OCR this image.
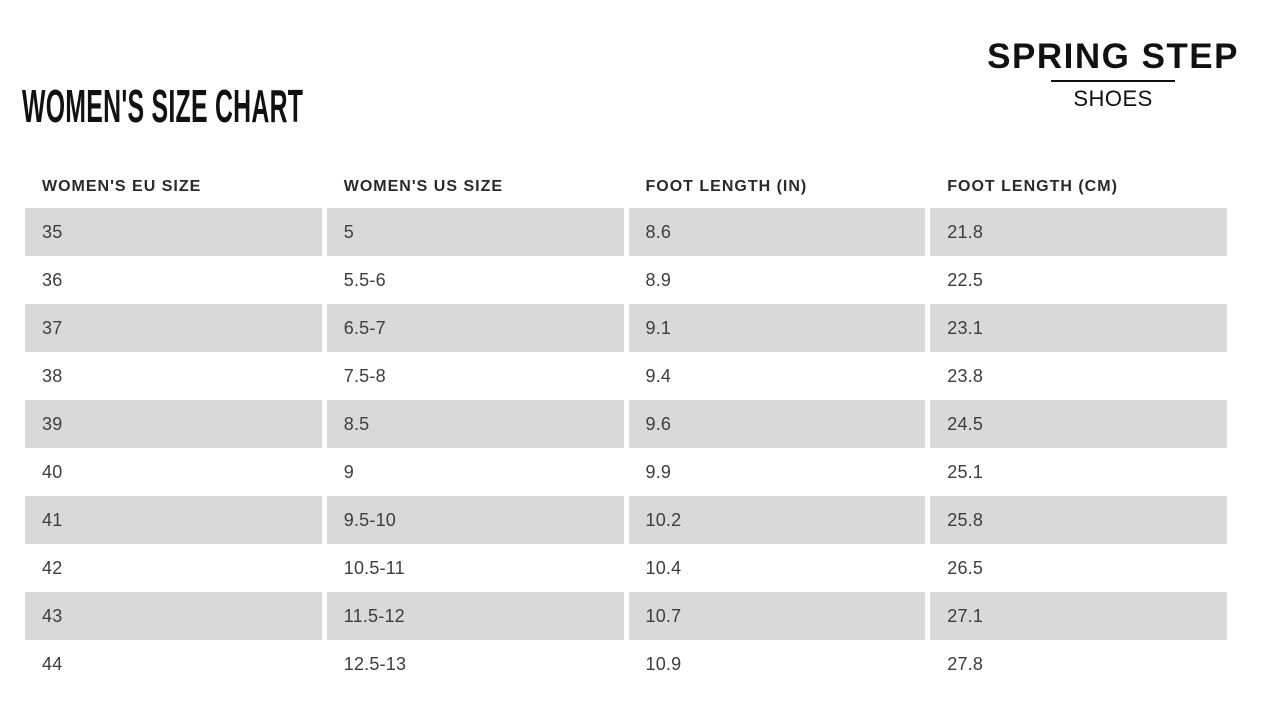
WOMEN'S SIZE CHART
SPRING STEP
SHOES
WOMEN'S EU SIZE	WOMEN'S US SIZE	FOOT LENGTH (IN)	FOOT LENGTH (CM)
35	5	8.6	21.8
36	5.5-6	8.9	22.5
37	6.5-7	9.1	23.1
38	7.5-8	9.4	23.8
39	8.5	9.6	24.5
40	9	9.9	25.1
41	9.5-10	10.2	25.8
42	10.5-11	10.4	26.5
43	11.5-12	10.7	27.1
44	12.5-13	10.9	27.8
